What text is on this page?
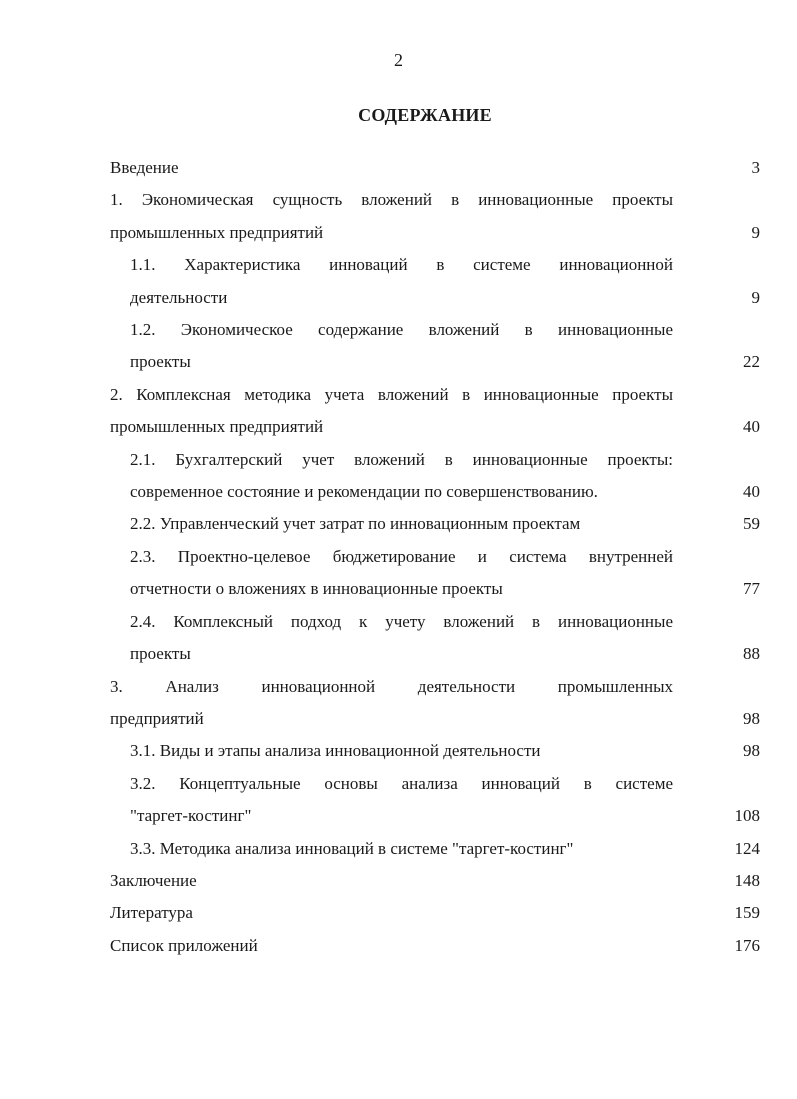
2
СОДЕРЖАНИЕ
Введение	3
1. Экономическая сущность вложений в инновационные проекты
промышленных предприятий	9
1.1. Характеристика инноваций в системе инновационной
деятельности	9
1.2. Экономическое содержание вложений в инновационные
проекты	22
2. Комплексная методика учета вложений в инновационные проекты
промышленных предприятий	40
2.1. Бухгалтерский учет вложений в инновационные проекты:
современное состояние и рекомендации по совершенствованию.	40
2.2. Управленческий учет затрат по инновационным проектам	59
2.3. Проектно-целевое бюджетирование и система внутренней
отчетности о вложениях в инновационные проекты	77
2.4. Комплексный подход к учету вложений в инновационные
проекты	88
3. Анализ инновационной деятельности промышленных
предприятий	98
3.1. Виды и этапы анализа инновационной деятельности	98
3.2. Концептуальные основы анализа инноваций в системе
"таргет-костинг"	108
3.3. Методика анализа инноваций в системе "таргет-костинг"	124
Заключение	148
Литература	159
Список приложений	176
